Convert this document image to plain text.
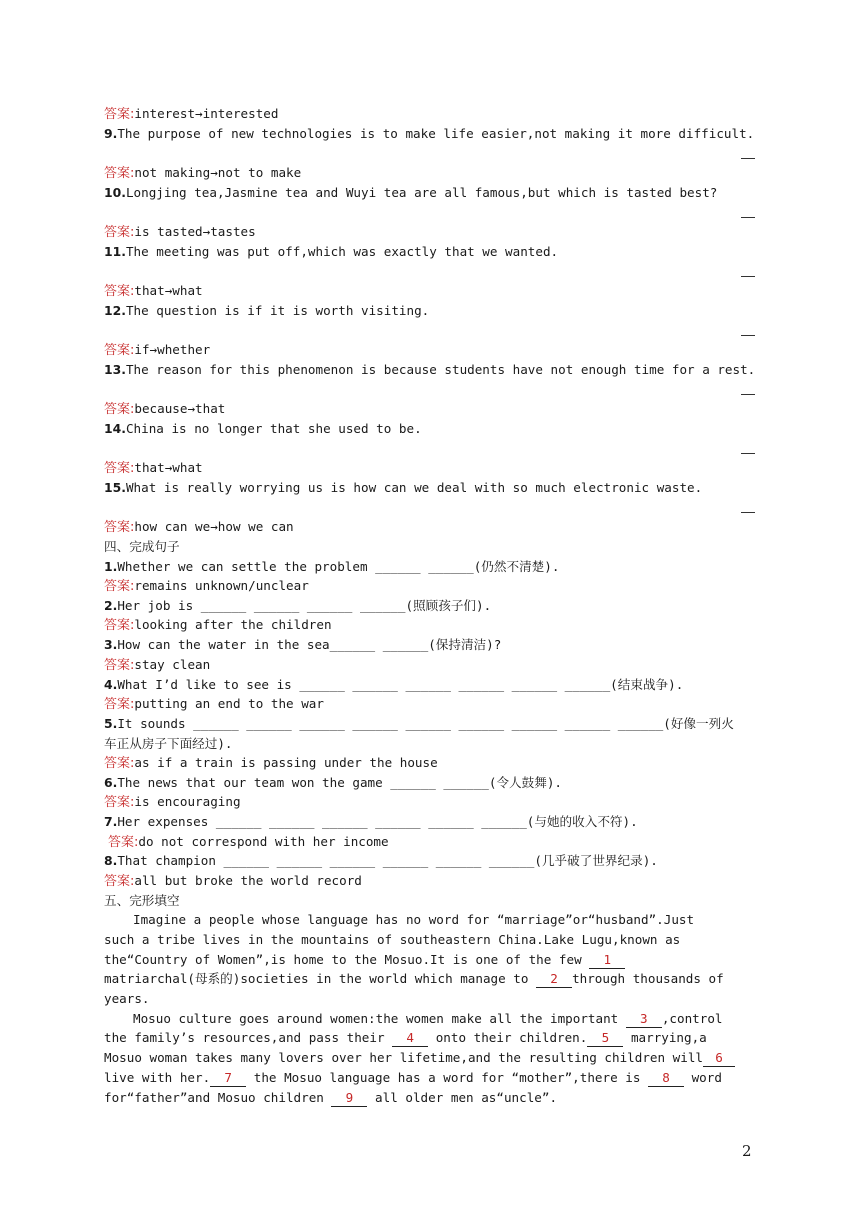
答案:interest→interested
9.The purpose of new technologies is to make life easier,not making it more difficult.
答案:not making→not to make
10.Longjing tea,Jasmine tea and Wuyi tea are all famous,but which is tasted best?
答案:is tasted→tastes
11.The meeting was put off,which was exactly that we wanted.
答案:that→what
12.The question is if it is worth visiting.
答案:if→whether
13.The reason for this phenomenon is because students have not enough time for a rest.
答案:because→that
14.China is no longer that she used to be.
答案:that→what
15.What is really worrying us is how can we deal with so much electronic waste.
答案:how can we→how we can
四、完成句子
1.Whether we can settle the problem ______ ______(仍然不清楚).
答案:remains unknown/unclear
2.Her job is ______ ______ ______ ______(照顾孩子们).
答案:looking after the children
3.How can the water in the sea______ ______(保持清洁)?
答案:stay clean
4.What I’d like to see is ______ ______ ______ ______ ______ ______(结束战争).
答案:putting an end to the war
5.It sounds ______ ______ ______ ______ ______ ______ ______ ______ ______(好像一列火
车正从房子下面经过).
答案:as if a train is passing under the house
6.The news that our team won the game ______ ______(令人鼓舞).
答案:is encouraging
7.Her expenses ______ ______ ______ ______ ______ ______(与她的收入不符).
答案:do not correspond with her income
8.That champion ______ ______ ______ ______ ______ ______(几乎破了世界纪录).
答案:all but broke the world record
五、完形填空
Imagine a people whose language has no word for “marriage”or“husband”.Just
such a tribe lives in the mountains of southeastern China.Lake Lugu,known as
the“Country of Women”,is home to the Mosuo.It is one of the few 1
matriarchal(母系的)societies in the world which manage to 2 through thousands of
years.
Mosuo culture goes around women:the women make all the important 3 ,control
the family’s resources,and pass their 4 onto their children. 5 marrying,a
Mosuo woman takes many lovers over her lifetime,and the resulting children will 6
live with her. 7 the Mosuo language has a word for “mother”,there is 8 word
for“father”and Mosuo children 9 all older men as“uncle”.
2
